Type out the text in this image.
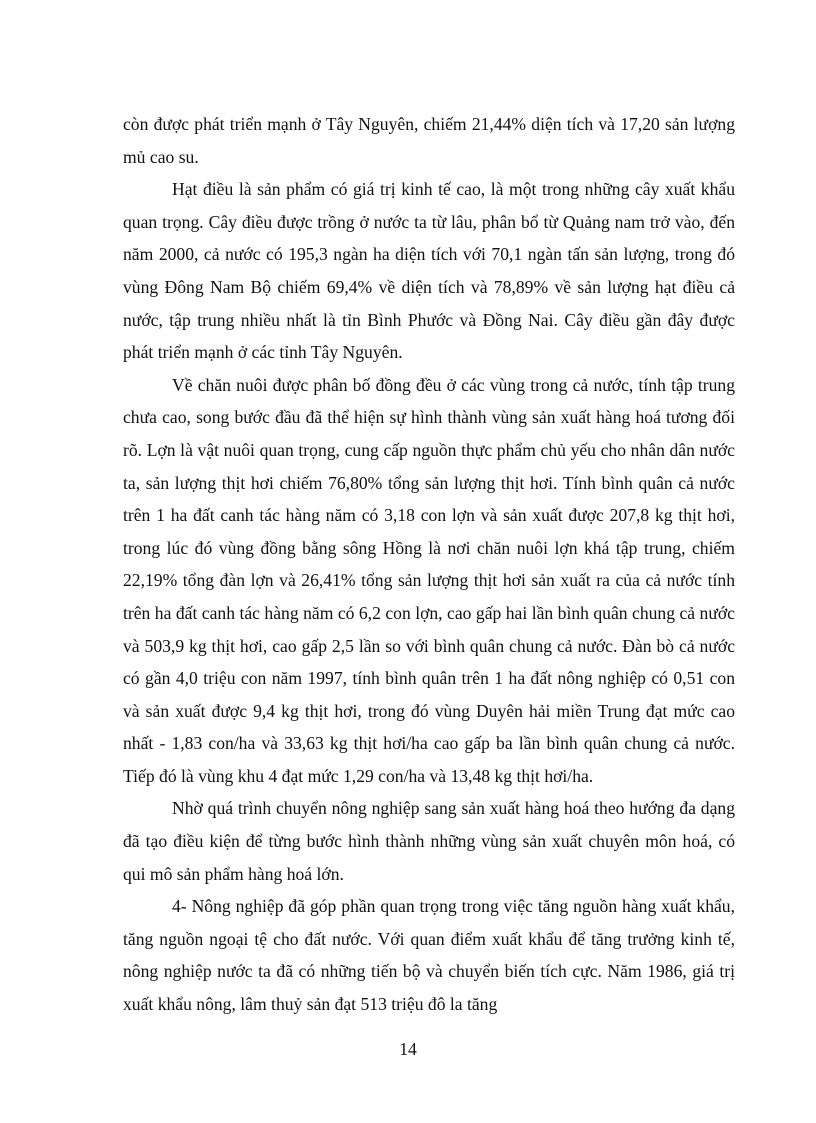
còn được phát triển mạnh ở Tây Nguyên, chiếm 21,44% diện tích và 17,20 sản lượng mủ cao su.

Hạt điều là sản phẩm có giá trị kinh tế cao, là một trong những cây xuất khẩu quan trọng. Cây điều được trồng ở nước ta từ lâu, phân bổ từ Quảng nam trở vào, đến năm 2000, cả nước có 195,3 ngàn ha diện tích với 70,1 ngàn tấn sản lượng, trong đó vùng Đông Nam Bộ chiếm 69,4% về diện tích và 78,89% về sản lượng hạt điều cả nước, tập trung nhiều nhất là tỉn Bình Phước và Đồng Nai. Cây điều gần đây được phát triển mạnh ở các tỉnh Tây Nguyên.

Về chăn nuôi được phân bố đồng đều ở các vùng trong cả nước, tính tập trung chưa cao, song bước đầu đã thể hiện sự hình thành vùng sản xuất hàng hoá tương đối rõ. Lợn là vật nuôi quan trọng, cung cấp nguồn thực phẩm chủ yếu cho nhân dân nước ta, sản lượng thịt hơi chiếm 76,80% tổng sản lượng thịt hơi. Tính bình quân cả nước trên 1 ha đất canh tác hàng năm có 3,18 con lợn và sản xuất được 207,8 kg thịt hơi, trong lúc đó vùng đồng bằng sông Hồng là nơi chăn nuôi lợn khá tập trung, chiếm 22,19% tổng đàn lợn và 26,41% tổng sản lượng thịt hơi sản xuất ra của cả nước tính trên ha đất canh tác hàng năm có 6,2 con lợn, cao gấp hai lần bình quân chung cả nước và 503,9 kg thịt hơi, cao gấp 2,5 lần so với bình quân chung cả nước. Đàn bò cả nước có gần 4,0 triệu con năm 1997, tính bình quân trên 1 ha đất nông nghiệp có 0,51 con và sản xuất được 9,4 kg thịt hơi, trong đó vùng Duyên hải miền Trung đạt mức cao nhất - 1,83 con/ha và 33,63 kg thịt hơi/ha cao gấp ba lần bình quân chung cả nước. Tiếp đó là vùng khu 4 đạt mức 1,29 con/ha và 13,48 kg thịt hơi/ha.

Nhờ quá trình chuyển nông nghiệp sang sản xuất hàng hoá theo hướng đa dạng đã tạo điều kiện để từng bước hình thành những vùng sản xuất chuyên môn hoá, có qui mô sản phẩm hàng hoá lớn.

4- Nông nghiệp đã góp phần quan trọng trong việc tăng nguồn hàng xuất khẩu, tăng nguồn ngoại tệ cho đất nước. Với quan điểm xuất khẩu để tăng trưởng kinh tế, nông nghiệp nước ta đã có những tiến bộ và chuyển biến tích cực. Năm 1986, giá trị xuất khẩu nông, lâm thuỷ sản đạt 513 triệu đô la tăng

14
